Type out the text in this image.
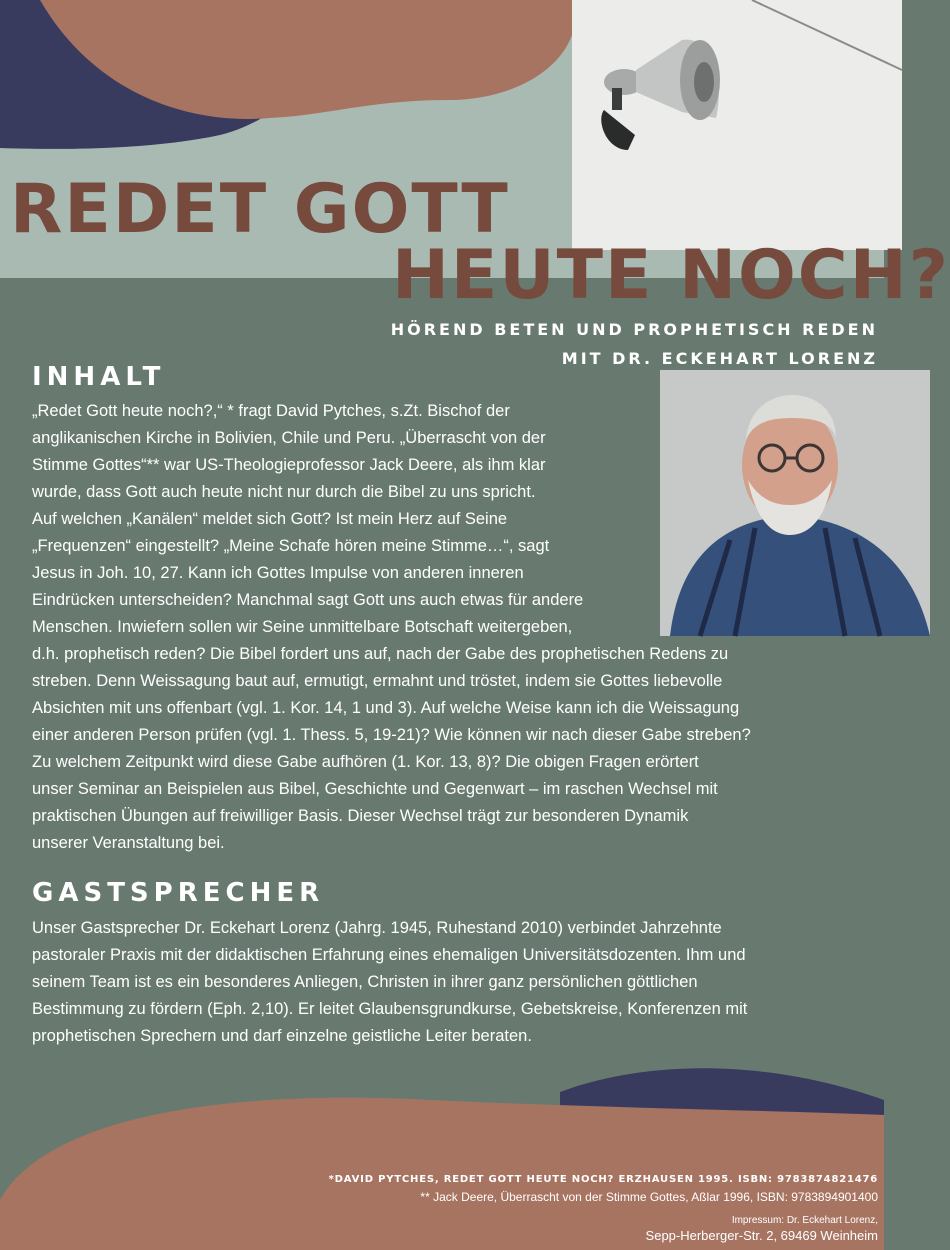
REDET GOTT
HEUTE NOCH?

HÖREND BETEN UND PROPHETISCH REDEN

MIT DR. ECKEHART LORENZ

INHALT

„Redet Gott heute noch?,“ * fragt David Pytches, s.Zt. Bischof der

anglikanischen Kirche in Bolivien, Chile und Peru. „Überrascht von der

Stimme Gottes“** war US-Theologieprofessor Jack Deere, als ihm klar

wurde, dass Gott auch heute nicht nur durch die Bibel zu uns spricht.

Auf welchen „Kanälen“ meldet sich Gott? Ist mein Herz auf Seine

„Frequenzen“ eingestellt? „Meine Schafe hören meine Stimme…“, sagt

Jesus in Joh. 10, 27. Kann ich Gottes Impulse von anderen inneren

Eindrücken unterscheiden? Manchmal sagt Gott uns auch etwas für andere

Menschen. Inwiefern sollen wir Seine unmittelbare Botschaft weitergeben,

d.h. prophetisch reden? Die Bibel fordert uns auf, nach der Gabe des prophetischen Redens zu

streben. Denn Weissagung baut auf, ermutigt, ermahnt und tröstet, indem sie Gottes liebevolle

Absichten mit uns offenbart (vgl. 1. Kor. 14, 1 und 3). Auf welche Weise kann ich die Weissagung

einer anderen Person prüfen (vgl. 1. Thess. 5, 19-21)? Wie können wir nach dieser Gabe streben?

Zu welchem Zeitpunkt wird diese Gabe aufhören (1. Kor. 13, 8)? Die obigen Fragen erörtert

unser Seminar an Beispielen aus Bibel, Geschichte und Gegenwart – im raschen Wechsel mit

praktischen Übungen auf freiwilliger Basis. Dieser Wechsel trägt zur besonderen Dynamik

unserer Veranstaltung bei.

GASTSPRECHER

Unser Gastsprecher Dr. Eckehart Lorenz (Jahrg. 1945, Ruhestand 2010) verbindet Jahrzehnte

pastoraler Praxis mit der didaktischen Erfahrung eines ehemaligen Universitätsdozenten. Ihm und

seinem Team ist es ein besonderes Anliegen, Christen in ihrer ganz persönlichen göttlichen

Bestimmung zu fördern (Eph. 2,10). Er leitet Glaubensgrundkurse, Gebetskreise, Konferenzen mit

prophetischen Sprechern und darf einzelne geistliche Leiter beraten.

*DAVID PYTCHES, REDET GOTT HEUTE NOCH? ERZHAUSEN 1995. ISBN: 9783874821476

** Jack Deere, Überrascht von der Stimme Gottes, Aßlar 1996, ISBN: 9783894901400

Impressum: Dr. Eckehart Lorenz,

Sepp-Herberger-Str. 2, 69469 Weinheim
